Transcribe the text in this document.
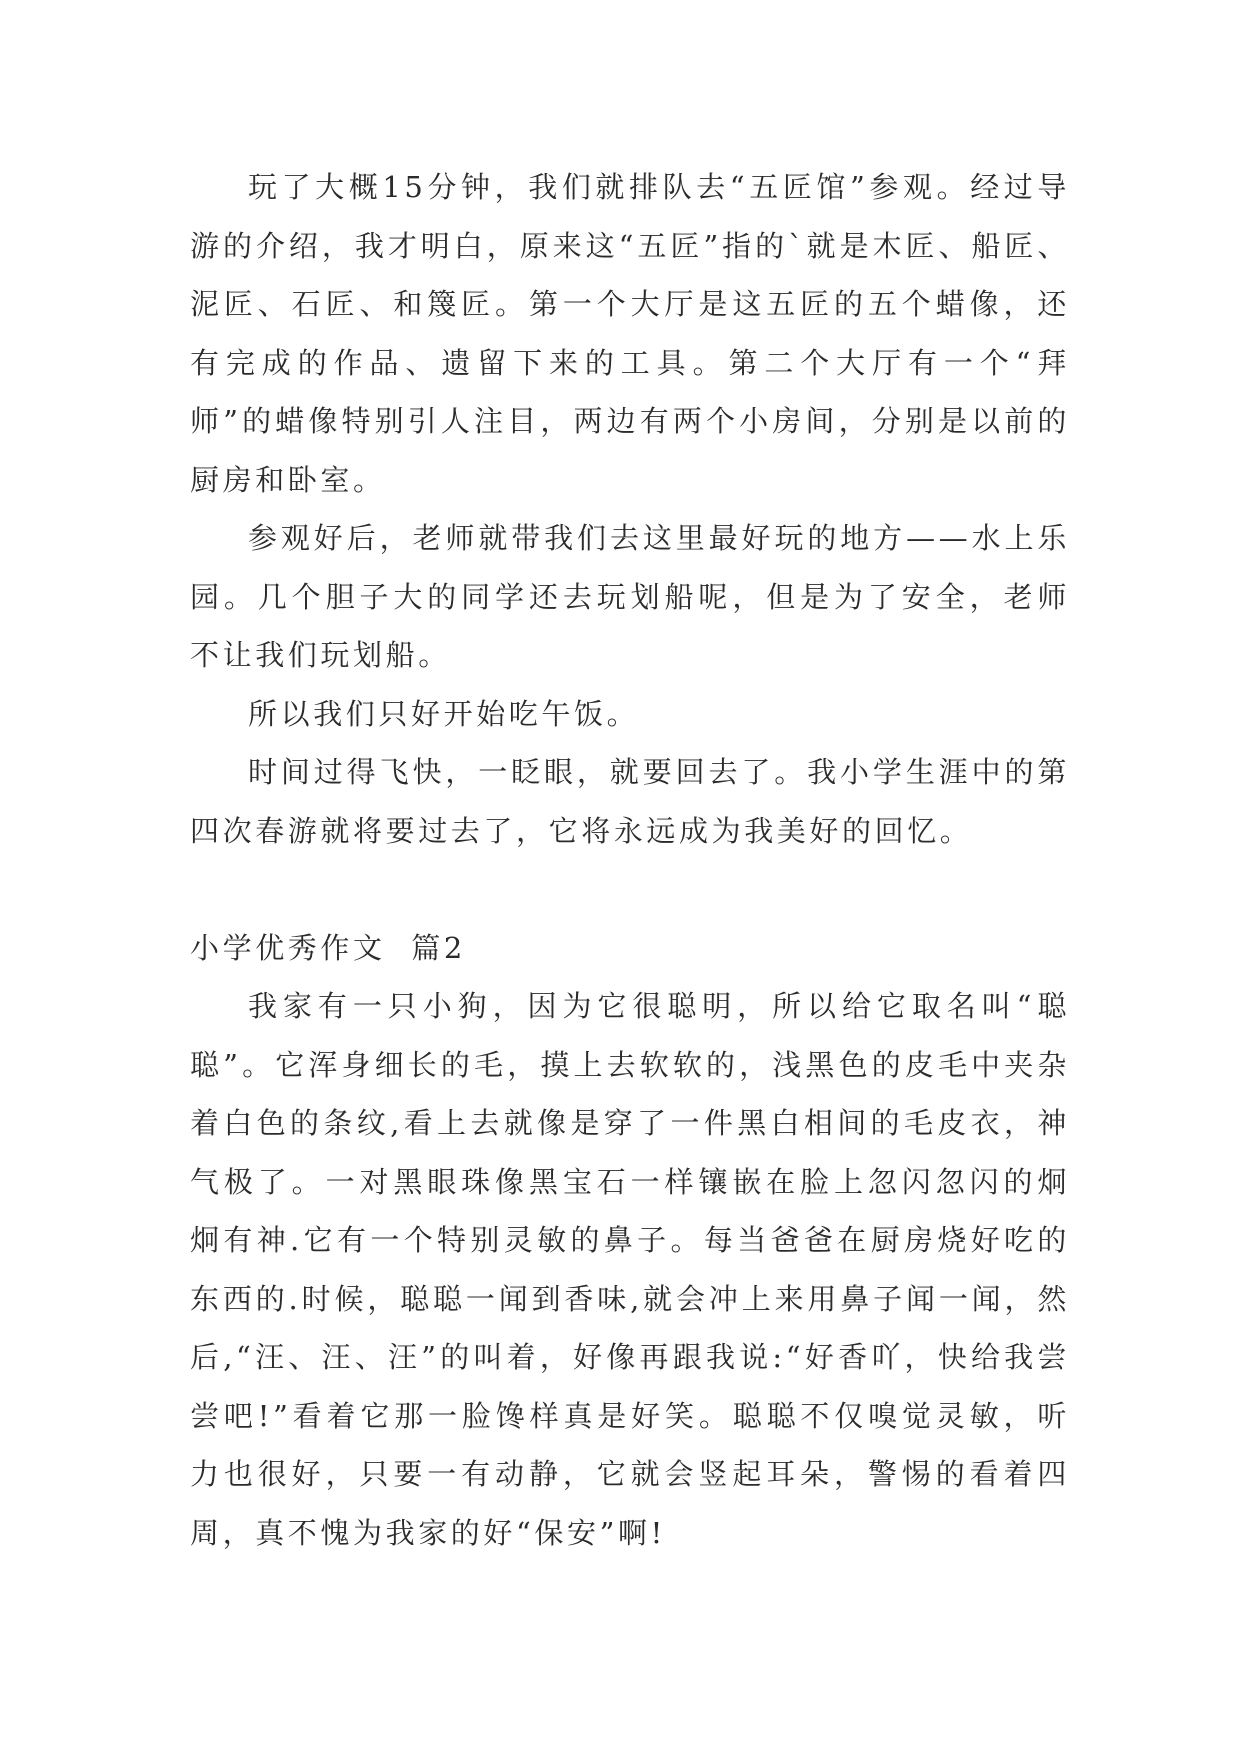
玩了大概15分钟，我们就排队去“五匠馆”参观。经过导游的介绍，我才明白，原来这“五匠”指的`就是木匠、船匠、泥匠、石匠、和篾匠。第一个大厅是这五匠的五个蜡像，还有完成的作品、遗留下来的工具。第二个大厅有一个“拜师”的蜡像特别引人注目，两边有两个小房间，分别是以前的厨房和卧室。

参观好后，老师就带我们去这里最好玩的地方——水上乐园。几个胆子大的同学还去玩划船呢，但是为了安全，老师不让我们玩划船。

所以我们只好开始吃午饭。

时间过得飞快，一眨眼，就要回去了。我小学生涯中的第四次春游就将要过去了，它将永远成为我美好的回忆。

小学优秀作文  篇2

我家有一只小狗，因为它很聪明，所以给它取名叫“聪聪”。它浑身细长的毛，摸上去软软的，浅黑色的皮毛中夹杂着白色的条纹,看上去就像是穿了一件黑白相间的毛皮衣，神气极了。一对黑眼珠像黑宝石一样镶嵌在脸上忽闪忽闪的炯炯有神.它有一个特别灵敏的鼻子。每当爸爸在厨房烧好吃的东西的.时候，聪聪一闻到香味,就会冲上来用鼻子闻一闻，然后,“汪、汪、汪”的叫着，好像再跟我说:“好香吖，快给我尝尝吧!”看着它那一脸馋样真是好笑。聪聪不仅嗅觉灵敏，听力也很好，只要一有动静，它就会竖起耳朵，警惕的看着四周，真不愧为我家的好“保安”啊!
